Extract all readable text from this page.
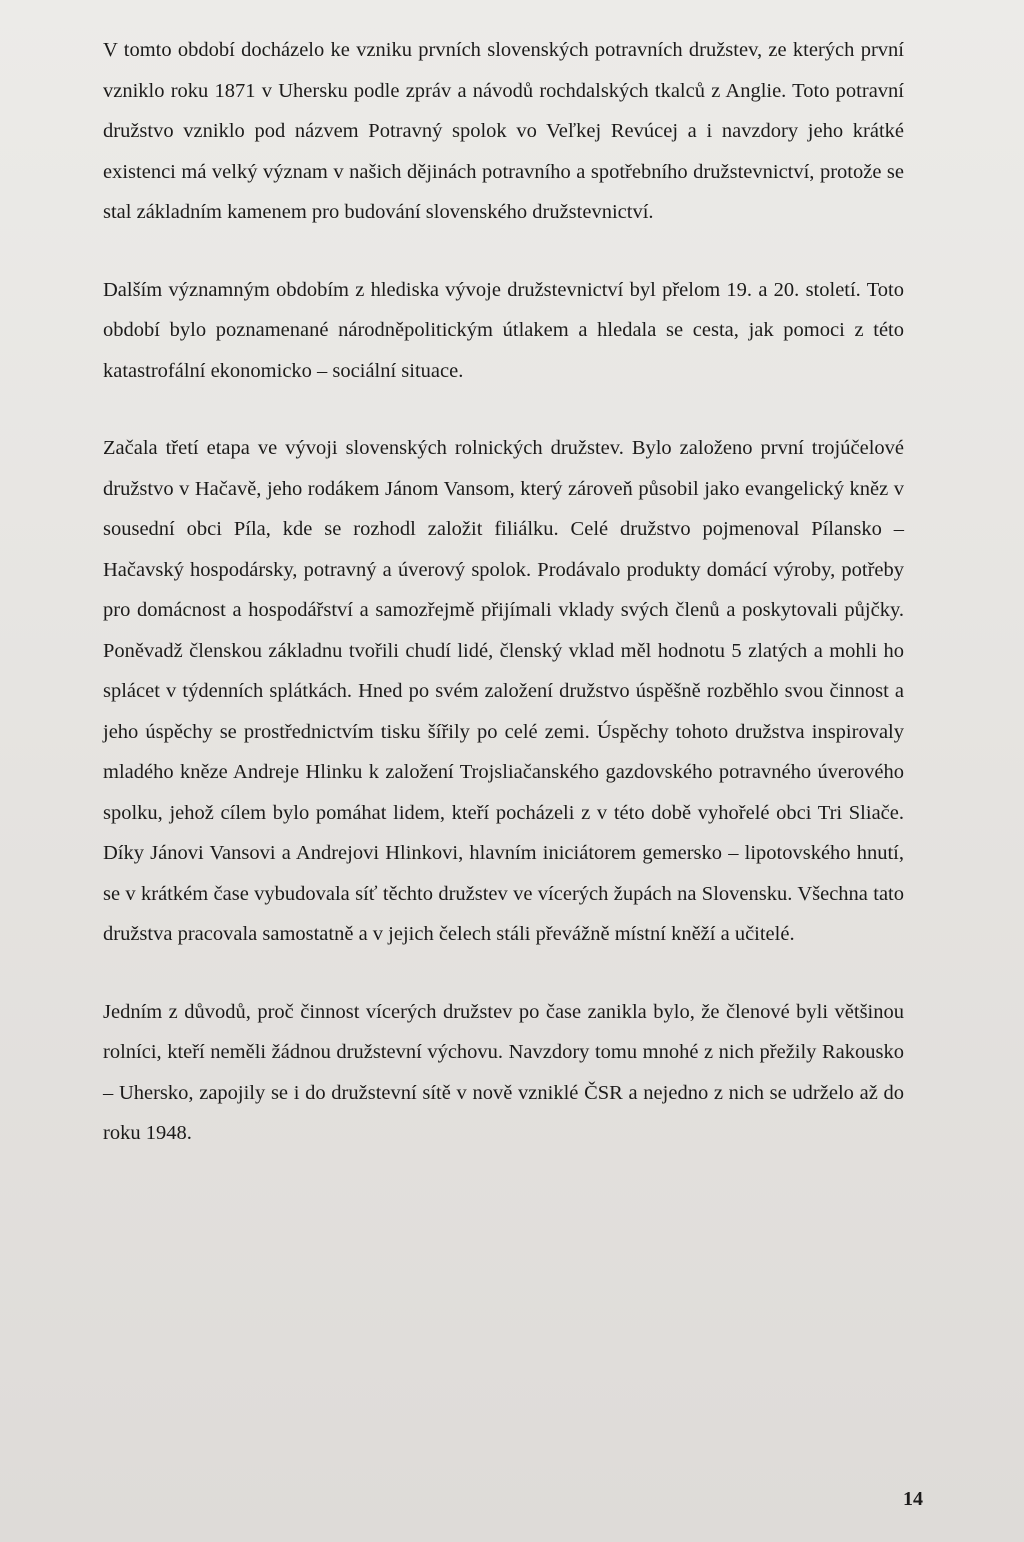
V tomto období docházelo ke vzniku prvních slovenských potravních družstev, ze kterých první vzniklo roku 1871 v Uhersku podle zpráv a návodů rochdalských tkalců z Anglie. Toto potravní družstvo vzniklo pod názvem Potravný spolok vo Veľkej Revúcej a i navzdory jeho krátké existenci má velký význam v našich dějinách potravního a spotřebního družstevnictví, protože se stal základním kamenem pro budování slovenského družstevnictví.

Dalším významným obdobím z hlediska vývoje družstevnictví byl přelom 19. a 20. století. Toto období bylo poznamenané národněpolitickým útlakem a hledala se cesta, jak pomoci z této katastrofální ekonomicko – sociální situace.

Začala třetí etapa ve vývoji slovenských rolnických družstev. Bylo založeno první trojúčelové družstvo v Hačavě, jeho rodákem Jánom Vansom, který zároveň působil jako evangelický kněz v sousední obci Píla, kde se rozhodl založit filiálku. Celé družstvo pojmenoval Pílansko – Hačavský hospodársky, potravný a úverový spolok. Prodávalo produkty domácí výroby, potřeby pro domácnost a hospodářství a samozřejmě přijímali vklady svých členů a poskytovali půjčky. Poněvadž členskou základnu tvořili chudí lidé, členský vklad měl hodnotu 5 zlatých a mohli ho splácet v týdenních splátkách. Hned po svém založení družstvo úspěšně rozběhlo svou činnost a jeho úspěchy se prostřednictvím tisku šířily po celé zemi. Úspěchy tohoto družstva inspirovaly mladého kněze Andreje Hlinku k založení Trojsliačanského gazdovského potravného úverového spolku, jehož cílem bylo pomáhat lidem, kteří pocházeli z v této době vyhořelé obci Tri Sliače. Díky Jánovi Vansovi a Andrejovi Hlinkovi, hlavním iniciátorem gemersko – lipotovského hnutí, se v krátkém čase vybudovala síť těchto družstev ve vícerých župách na Slovensku. Všechna tato družstva pracovala samostatně a v jejich čelech stáli převážně místní kněží a učitelé.

Jedním z důvodů, proč činnost vícerých družstev po čase zanikla bylo, že členové byli většinou rolníci, kteří neměli žádnou družstevní výchovu. Navzdory tomu mnohé z nich přežily Rakousko – Uhersko, zapojily se i do družstevní sítě v nově vzniklé ČSR a nejedno z nich se udrželo až do roku 1948.

14
